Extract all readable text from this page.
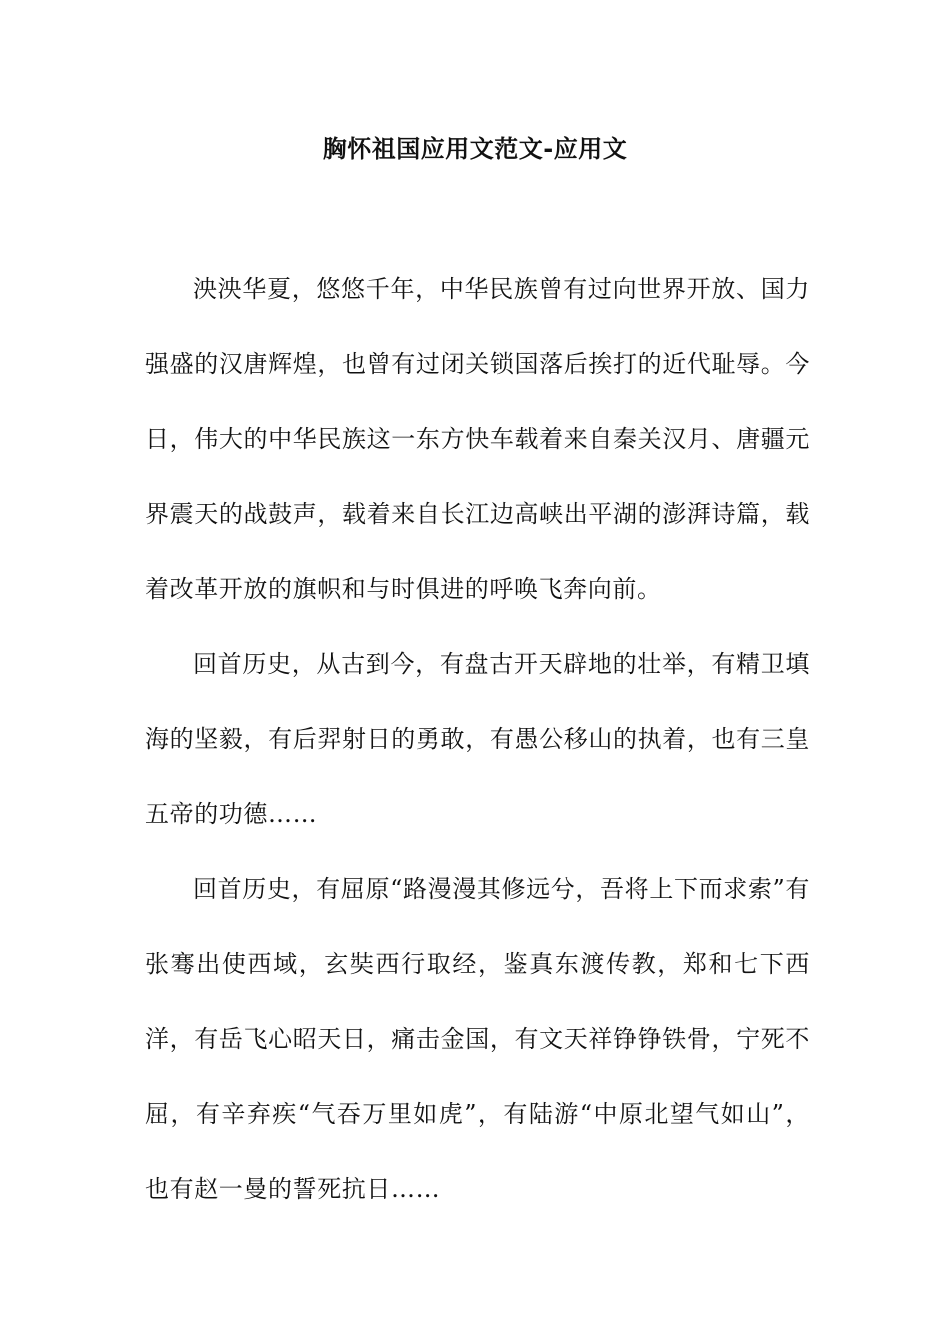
胸怀祖国应用文范文-应用文

泱泱华夏，悠悠千年，中华民族曾有过向世界开放、国力强盛的汉唐辉煌，也曾有过闭关锁国落后挨打的近代耻辱。今日，伟大的中华民族这一东方快车载着来自秦关汉月、唐疆元界震天的战鼓声，载着来自长江边高峡出平湖的澎湃诗篇，载着改革开放的旗帜和与时俱进的呼唤飞奔向前。

回首历史，从古到今，有盘古开天辟地的壮举，有精卫填海的坚毅，有后羿射日的勇敢，有愚公移山的执着，也有三皇五帝的功德……

回首历史，有屈原“路漫漫其修远兮，吾将上下而求索”有张骞出使西域，玄奘西行取经，鉴真东渡传教，郑和七下西洋，有岳飞心昭天日，痛击金国，有文天祥铮铮铁骨，宁死不屈，有辛弃疾“气吞万里如虎”，有陆游“中原北望气如山”，也有赵一曼的誓死抗日……
